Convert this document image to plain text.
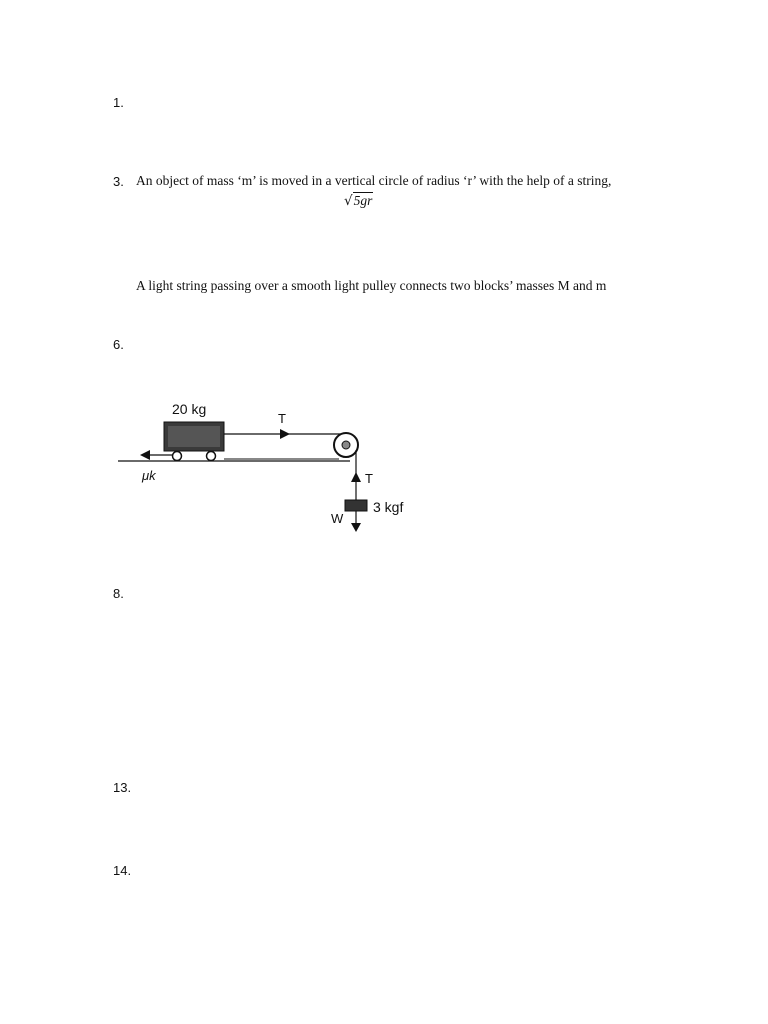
1.
3. An object of mass ‘m’ is moved in a vertical circle of radius ‘r’ with the help of a string,
√5gr
A light string passing over a smooth light pulley connects two blocks’ masses M and m
6.
T
T
3 kgf
W
μk
20 kg
8.
13.
14.
